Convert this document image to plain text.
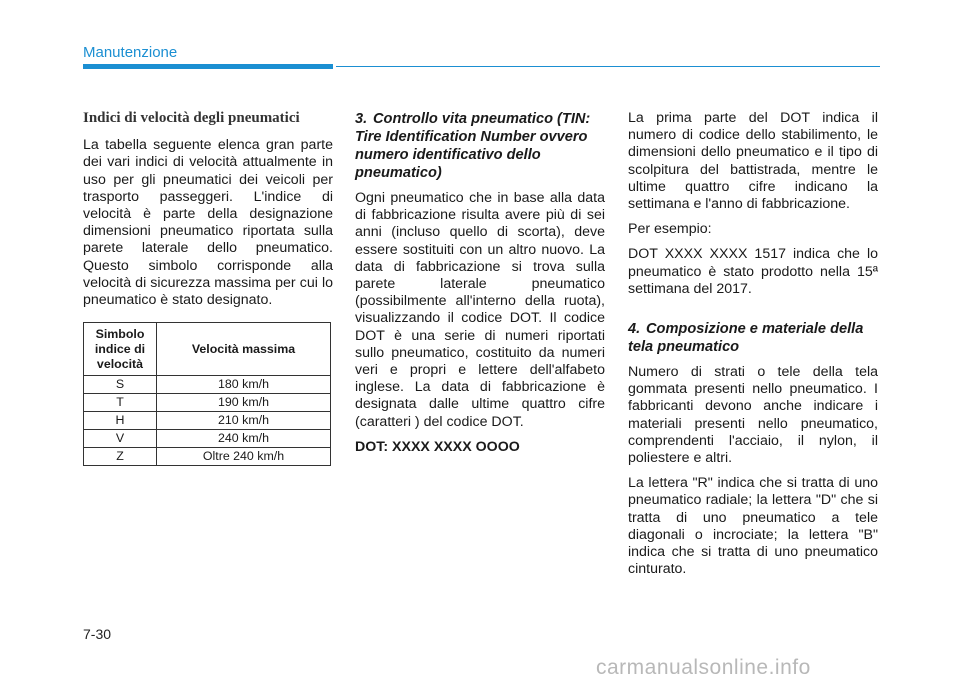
Manutenzione
Indici di velocità degli pneumatici

La tabella seguente elenca gran parte dei vari indici di velocità attualmente in uso per gli pneumatici dei veicoli per trasporto passeggeri. L'indice di velocità è parte della designazione dimensioni pneumatico riportata sulla parete laterale dello pneumatico. Questo simbolo corrisponde alla velocità di sicurezza massima per cui lo pneumatico è stato designato.

Simbolo indice di velocità	Velocità massima
S	180 km/h
T	190 km/h
H	210 km/h
V	240 km/h
Z	Oltre 240 km/h
3. Controllo vita pneumatico (TIN: Tire Identification Number ovvero numero identificativo dello pneumatico)

Ogni pneumatico che in base alla data di fabbricazione risulta avere più di sei anni (incluso quello di scorta), deve essere sostituiti con un altro nuovo. La data di fabbricazione si trova sulla parete laterale pneumatico (possibilmente all'interno della ruota), visualizzando il codice DOT. Il codice DOT è una serie di numeri riportati sullo pneumatico, costituito da numeri veri e propri e lettere dell'alfabeto inglese. La data di fabbricazione è designata dalle ultime quattro cifre (caratteri ) del codice DOT.

DOT: XXXX XXXX OOOO

La prima parte del DOT indica il numero di codice dello stabilimento, le dimensioni dello pneumatico e il tipo di scolpitura del battistrada, mentre le ultime quattro cifre indicano la settimana e l'anno di fabbricazione.

Per esempio:

DOT XXXX XXXX 1517 indica che lo pneumatico è stato prodotto nella 15ª settimana del 2017.

4. Composizione e materiale della tela pneumatico

Numero di strati o tele della tela gommata presenti nello pneumatico. I fabbricanti devono anche indicare i materiali presenti nello pneumatico, comprendenti l'acciaio, il nylon, il poliestere e altri.

La lettera "R" indica che si tratta di uno pneumatico radiale; la lettera "D" che si tratta di uno pneumatico a tele diagonali o incrociate; la lettera "B" indica che si tratta di uno pneumatico cinturato.

7-30
carmanualsonline.info
